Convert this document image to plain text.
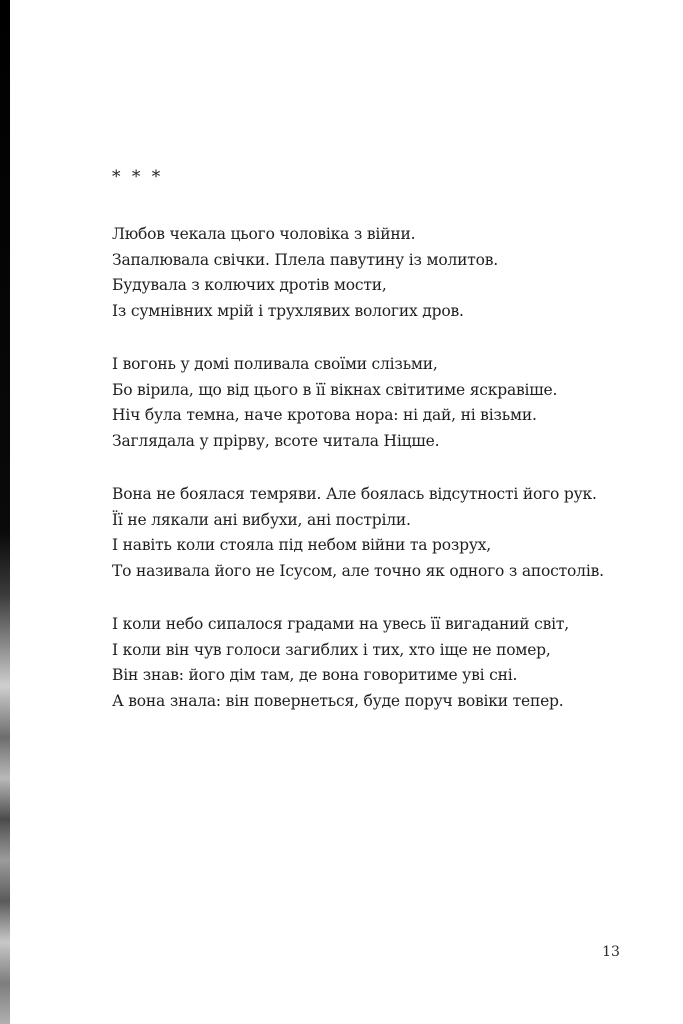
* * *
Любов чекала цього чоловіка з війни.
Запалювала свічки. Плела павутину із молитов.
Будувала з колючих дротів мости,
Із сумнівних мрій і трухлявих вологих дров.
І вогонь у домі поливала своїми слізьми,
Бо вірила, що від цього в її вікнах світитиме яскравіше.
Ніч була темна, наче кротова нора: ні дай, ні візьми.
Заглядала у прірву, всоте читала Ніцше.
Вона не боялася темряви. Але боялась відсутності його рук.
Її не лякали ані вибухи, ані постріли.
І навіть коли стояла під небом війни та розрух,
То називала його не Ісусом, але точно як одного з апостолів.
І коли небо сипалося градами на увесь її вигаданий світ,
І коли він чув голоси загиблих і тих, хто іще не помер,
Він знав: його дім там, де вона говоритиме уві сні.
А вона знала: він повернеться, буде поруч вовіки тепер.
13
